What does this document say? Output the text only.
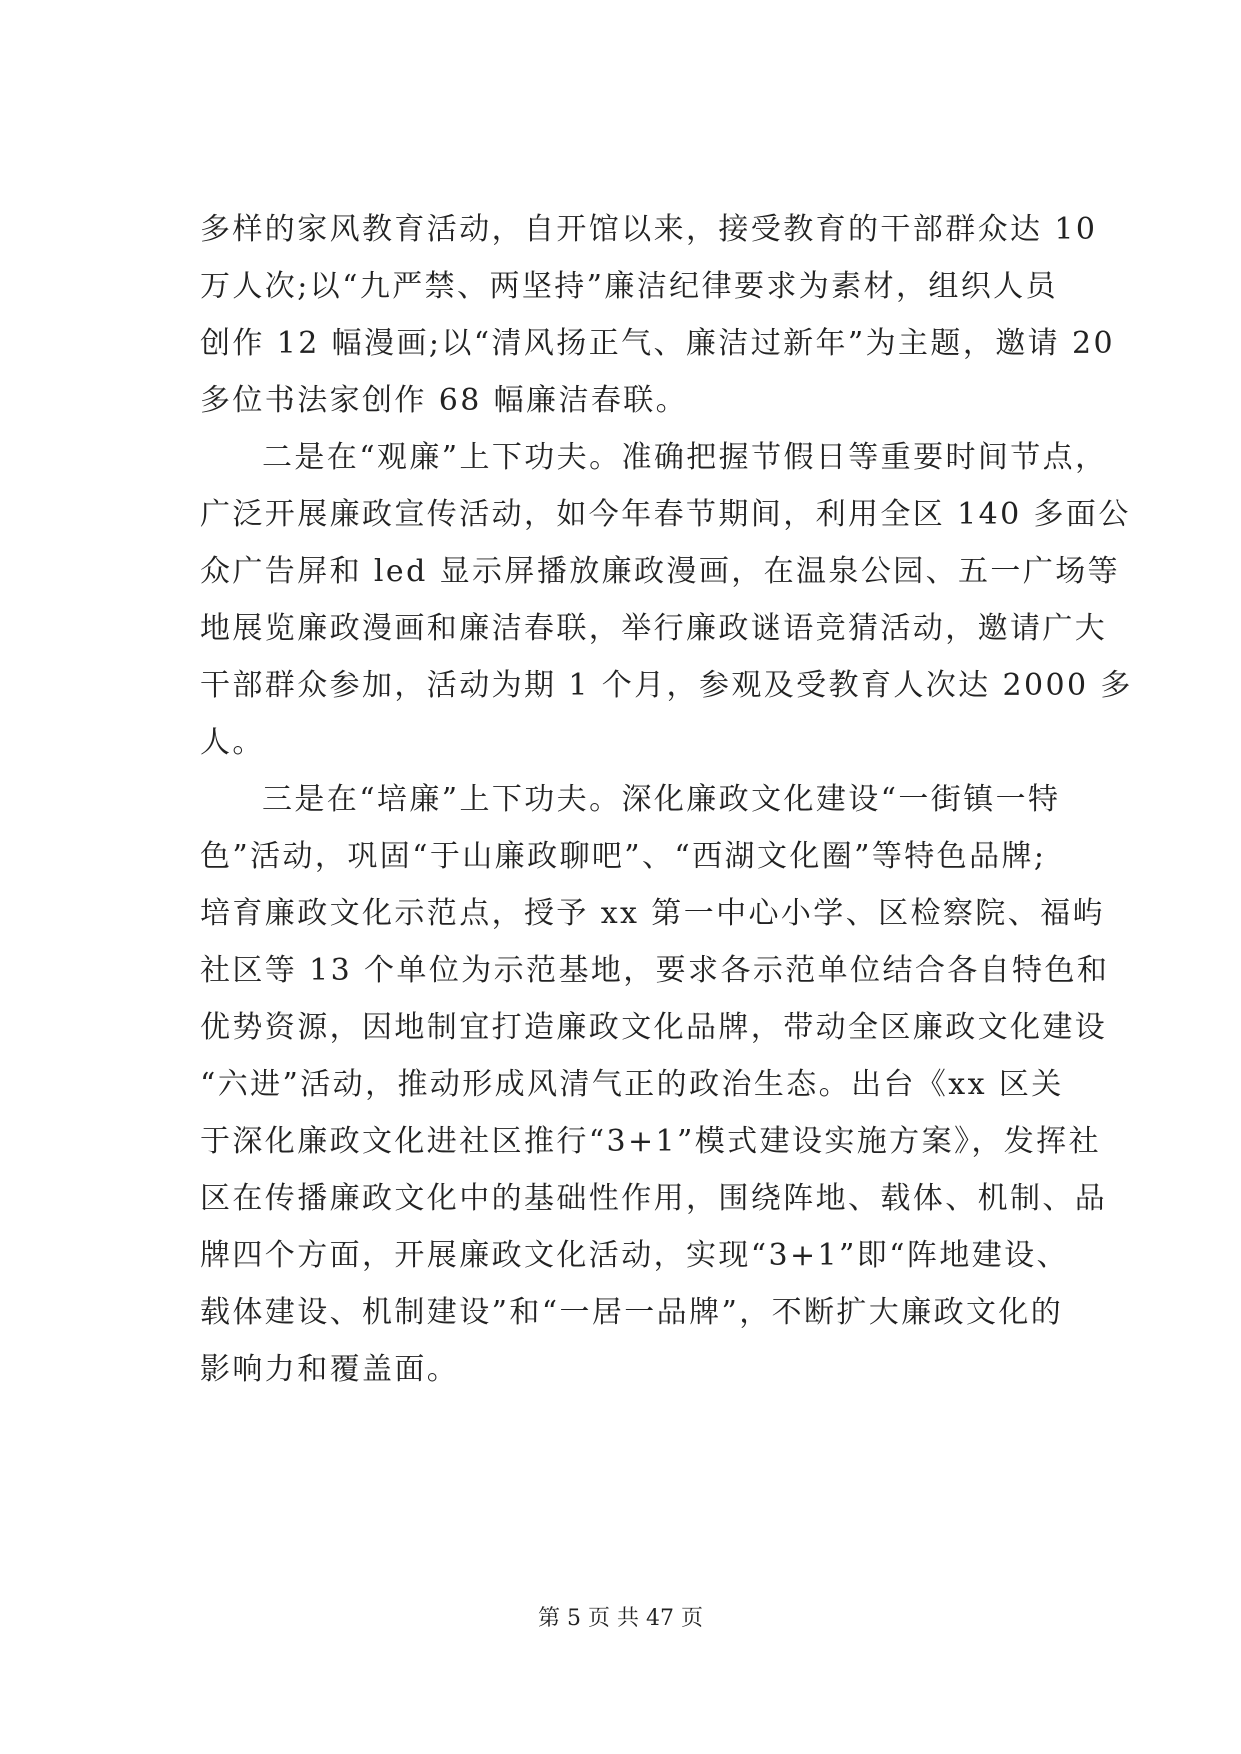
多样的家风教育活动，自开馆以来，接受教育的干部群众达 10
万人次;以“九严禁、两坚持”廉洁纪律要求为素材，组织人员
创作 12 幅漫画;以“清风扬正气、廉洁过新年”为主题，邀请 20
多位书法家创作 68 幅廉洁春联。
二是在“观廉”上下功夫。准确把握节假日等重要时间节点，
广泛开展廉政宣传活动，如今年春节期间，利用全区 140 多面公
众广告屏和 led 显示屏播放廉政漫画，在温泉公园、五一广场等
地展览廉政漫画和廉洁春联，举行廉政谜语竞猜活动，邀请广大
干部群众参加，活动为期 1 个月，参观及受教育人次达 2000 多
人。
三是在“培廉”上下功夫。深化廉政文化建设“一街镇一特
色”活动，巩固“于山廉政聊吧”、“西湖文化圈”等特色品牌;
培育廉政文化示范点，授予 xx 第一中心小学、区检察院、福屿
社区等 13 个单位为示范基地，要求各示范单位结合各自特色和
优势资源，因地制宜打造廉政文化品牌，带动全区廉政文化建设
“六进”活动，推动形成风清气正的政治生态。出台《xx 区关
于深化廉政文化进社区推行“3+1”模式建设实施方案》，发挥社
区在传播廉政文化中的基础性作用，围绕阵地、载体、机制、品
牌四个方面，开展廉政文化活动，实现“3+1”即“阵地建设、
载体建设、机制建设”和“一居一品牌”，不断扩大廉政文化的
影响力和覆盖面。
第 5 页 共 47 页
